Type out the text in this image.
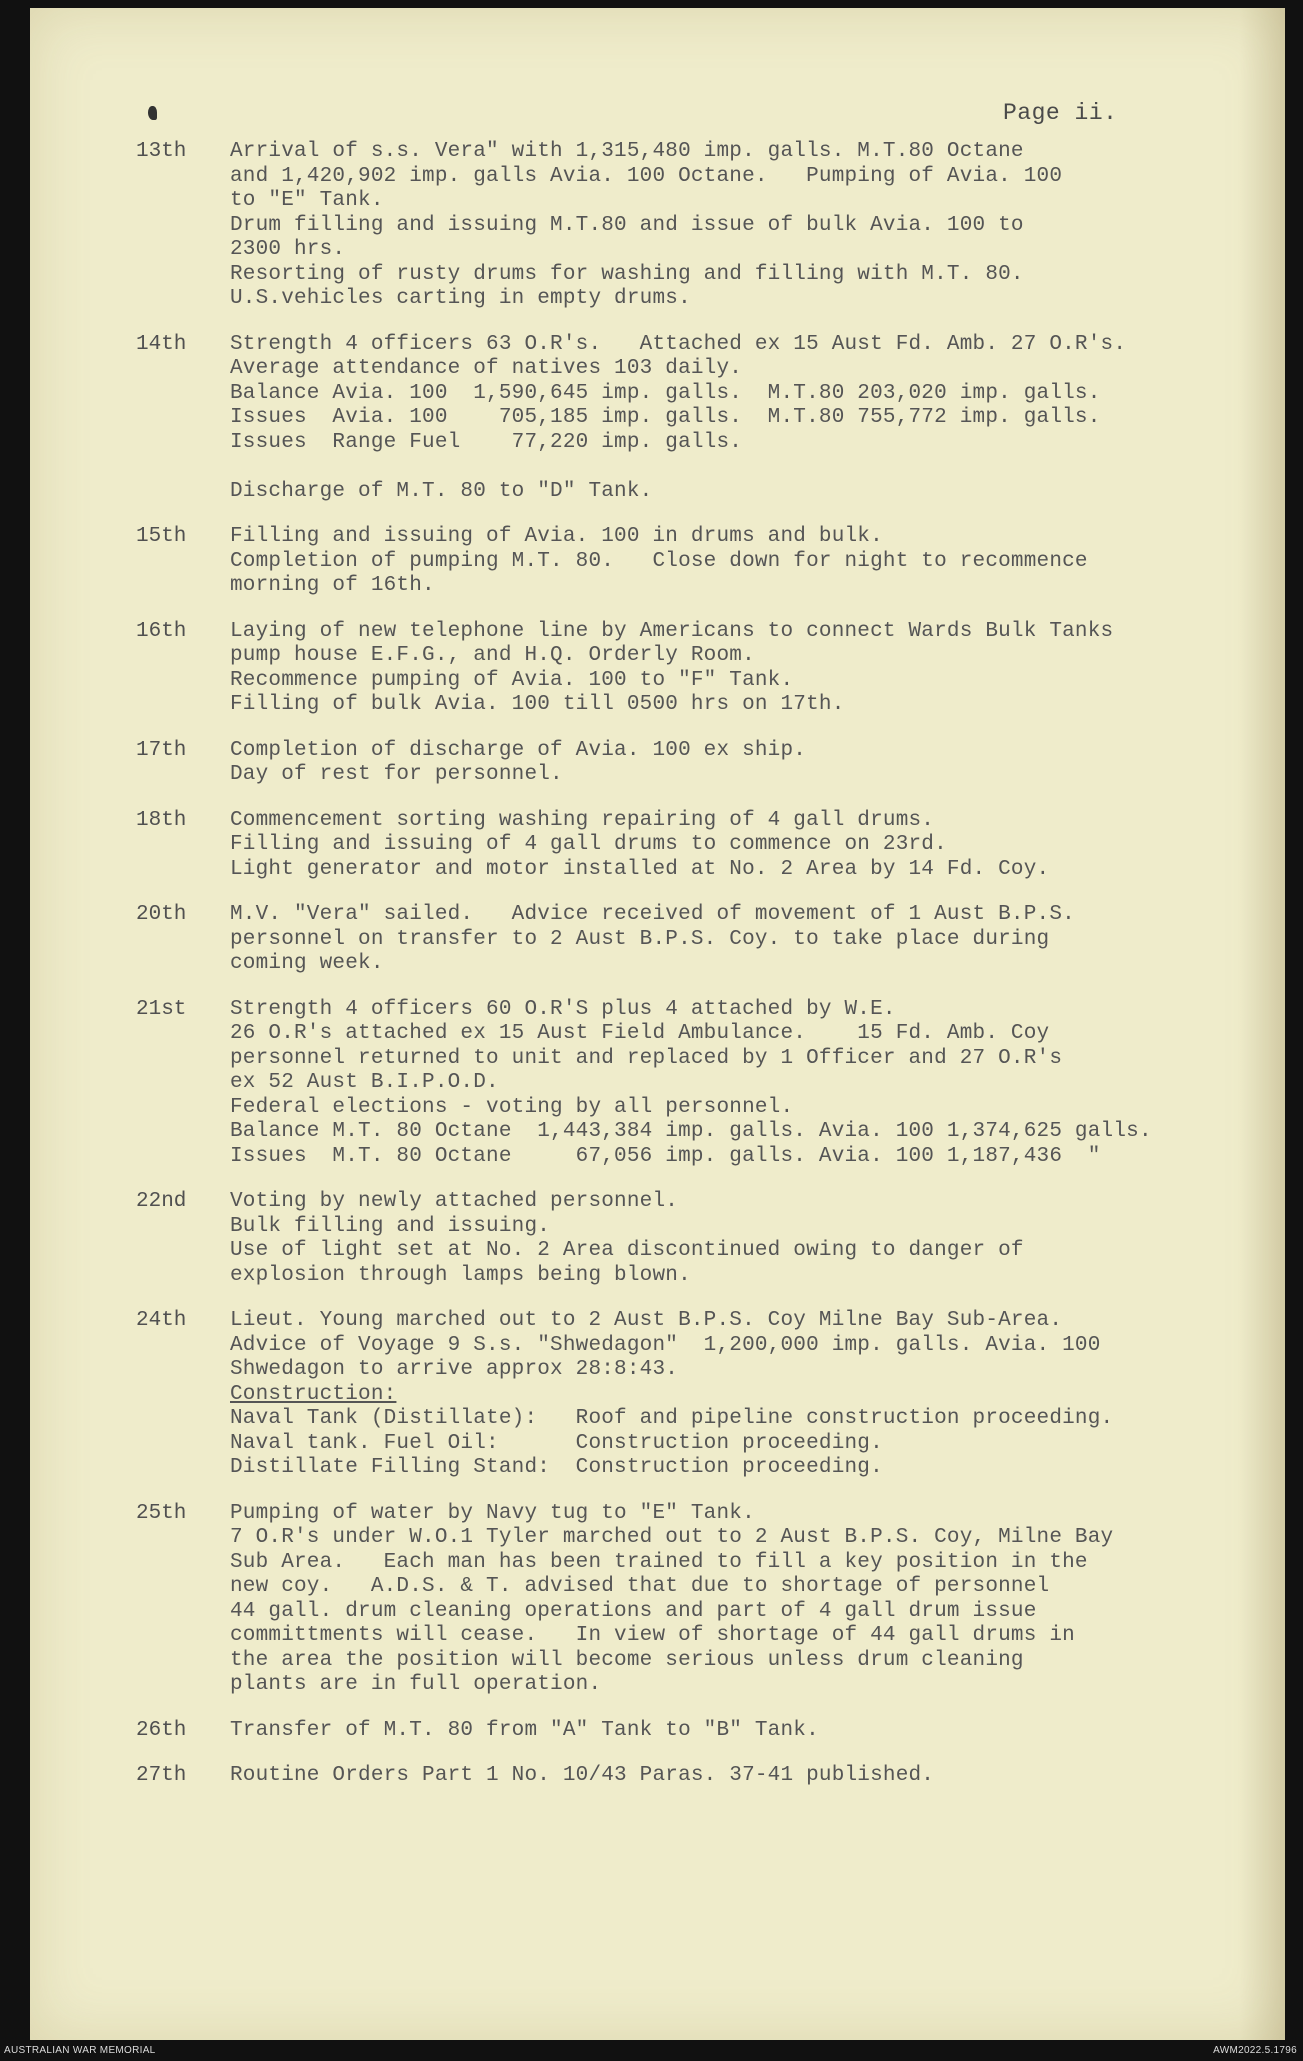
Page ii.
13th	Arrival of s.s. Vera" with 1,315,480 imp. galls. M.T.80 Octane
and 1,420,902 imp. galls Avia. 100 Octane.   Pumping of Avia. 100
to "E" Tank.
Drum filling and issuing M.T.80 and issue of bulk Avia. 100 to
2300 hrs.
Resorting of rusty drums for washing and filling with M.T. 80.
U.S.vehicles carting in empty drums.
14th	Strength 4 officers 63 O.R's.   Attached ex 15 Aust Fd. Amb. 27 O.R's.
Average attendance of natives 103 daily.
Balance Avia. 100  1,590,645 imp. galls.  M.T.80 203,020 imp. galls.
Issues  Avia. 100    705,185 imp. galls.  M.T.80 755,772 imp. galls.
Issues  Range Fuel    77,220 imp. galls.
Discharge of M.T. 80 to "D" Tank.
15th	Filling and issuing of Avia. 100 in drums and bulk.
Completion of pumping M.T. 80.   Close down for night to recommence
morning of 16th.
16th	Laying of new telephone line by Americans to connect Wards Bulk Tanks
pump house E.F.G., and H.Q. Orderly Room.
Recommence pumping of Avia. 100 to "F" Tank.
Filling of bulk Avia. 100 till 0500 hrs on 17th.
17th	Completion of discharge of Avia. 100 ex ship.
Day of rest for personnel.
18th	Commencement sorting washing repairing of 4 gall drums.
Filling and issuing of 4 gall drums to commence on 23rd.
Light generator and motor installed at No. 2 Area by 14 Fd. Coy.
20th	M.V. "Vera" sailed.   Advice received of movement of 1 Aust B.P.S.
personnel on transfer to 2 Aust B.P.S. Coy. to take place during
coming week.
21st	Strength 4 officers 60 O.R'S plus 4 attached by W.E.
26 O.R's attached ex 15 Aust Field Ambulance.    15 Fd. Amb. Coy
personnel returned to unit and replaced by 1 Officer and 27 O.R's
ex 52 Aust B.I.P.O.D.
Federal elections - voting by all personnel.
Balance M.T. 80 Octane  1,443,384 imp. galls. Avia. 100 1,374,625 galls.
Issues  M.T. 80 Octane     67,056 imp. galls. Avia. 100 1,187,436  "
22nd	Voting by newly attached personnel.
Bulk filling and issuing.
Use of light set at No. 2 Area discontinued owing to danger of
explosion through lamps being blown.
24th	Lieut. Young marched out to 2 Aust B.P.S. Coy Milne Bay Sub-Area.
Advice of Voyage 9 S.s. "Shwedagon"  1,200,000 imp. galls. Avia. 100
Shwedagon to arrive approx 28:8:43.
Construction:
Naval Tank (Distillate):   Roof and pipeline construction proceeding.
Naval tank. Fuel Oil:      Construction proceeding.
Distillate Filling Stand:  Construction proceeding.
25th	Pumping of water by Navy tug to "E" Tank.
7 O.R's under W.O.1 Tyler marched out to 2 Aust B.P.S. Coy, Milne Bay
Sub Area.   Each man has been trained to fill a key position in the
new coy.   A.D.S. & T. advised that due to shortage of personnel
44 gall. drum cleaning operations and part of 4 gall drum issue
committments will cease.   In view of shortage of 44 gall drums in
the area the position will become serious unless drum cleaning
plants are in full operation.
26th	Transfer of M.T. 80 from "A" Tank to "B" Tank.
27th	Routine Orders Part 1 No. 10/43 Paras. 37-41 published.
AUSTRALIAN WAR MEMORIAL	AWM2022.5.1796
